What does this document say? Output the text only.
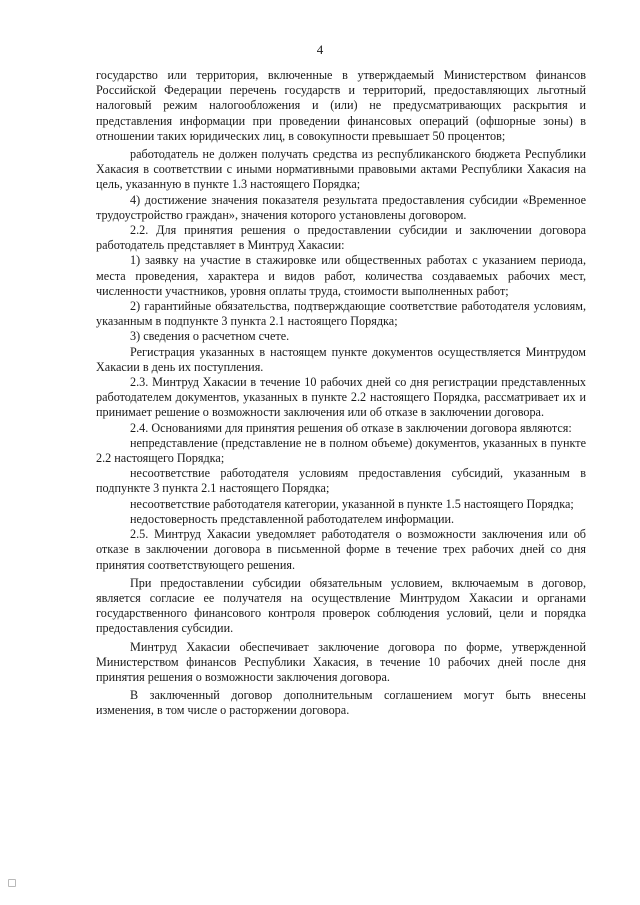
4

государство или территория, включенные в утверждаемый Министерством финансов Российской Федерации перечень государств и территорий, предоставляющих льготный налоговый режим налогообложения и (или) не предусматривающих раскрытия и представления информации при проведении финансовых операций (офшорные зоны) в отношении таких юридических лиц, в совокупности превышает 50 процентов;

работодатель не должен получать средства из республиканского бюджета Республики Хакасия в соответствии с иными нормативными правовыми актами Республики Хакасия на цель, указанную в пункте 1.3 настоящего Порядка;

4) достижение значения показателя результата предоставления субсидии «Временное трудоустройство граждан», значения которого установлены договором.

2.2. Для принятия решения о предоставлении субсидии и заключении договора работодатель представляет в Минтруд Хакасии:

1) заявку на участие в стажировке или общественных работах с указанием периода, места проведения, характера и видов работ, количества создаваемых рабочих мест, численности участников, уровня оплаты труда, стоимости выполненных работ;

2) гарантийные обязательства, подтверждающие соответствие работодателя условиям, указанным в подпункте 3 пункта 2.1 настоящего Порядка;

3) сведения о расчетном счете.

Регистрация указанных в настоящем пункте документов осуществляется Минтрудом Хакасии в день их поступления.

2.3. Минтруд Хакасии в течение 10 рабочих дней со дня регистрации представленных работодателем документов, указанных в пункте 2.2 настоящего Порядка, рассматривает их и принимает решение о возможности заключения или об отказе в заключении договора.

2.4. Основаниями для принятия решения об отказе в заключении договора являются:

непредставление (представление не в полном объеме) документов, указанных в пункте 2.2 настоящего Порядка;

несоответствие работодателя условиям предоставления субсидий, указанным в подпункте 3 пункта 2.1 настоящего Порядка;

несоответствие работодателя категории, указанной в пункте 1.5 настоящего Порядка;

недостоверность представленной работодателем информации.

2.5. Минтруд Хакасии уведомляет работодателя о возможности заключения или об отказе в заключении договора в письменной форме в течение трех рабочих дней со дня принятия соответствующего решения.

При предоставлении субсидии обязательным условием, включаемым в договор, является согласие ее получателя на осуществление Минтрудом Хакасии и органами государственного финансового контроля проверок соблюдения условий, цели и порядка предоставления субсидии.

Минтруд Хакасии обеспечивает заключение договора по форме, утвержденной Министерством финансов Республики Хакасия, в течение 10 рабочих дней после дня принятия решения о возможности заключения договора.

В заключенный договор дополнительным соглашением могут быть внесены изменения, в том числе о расторжении договора.
